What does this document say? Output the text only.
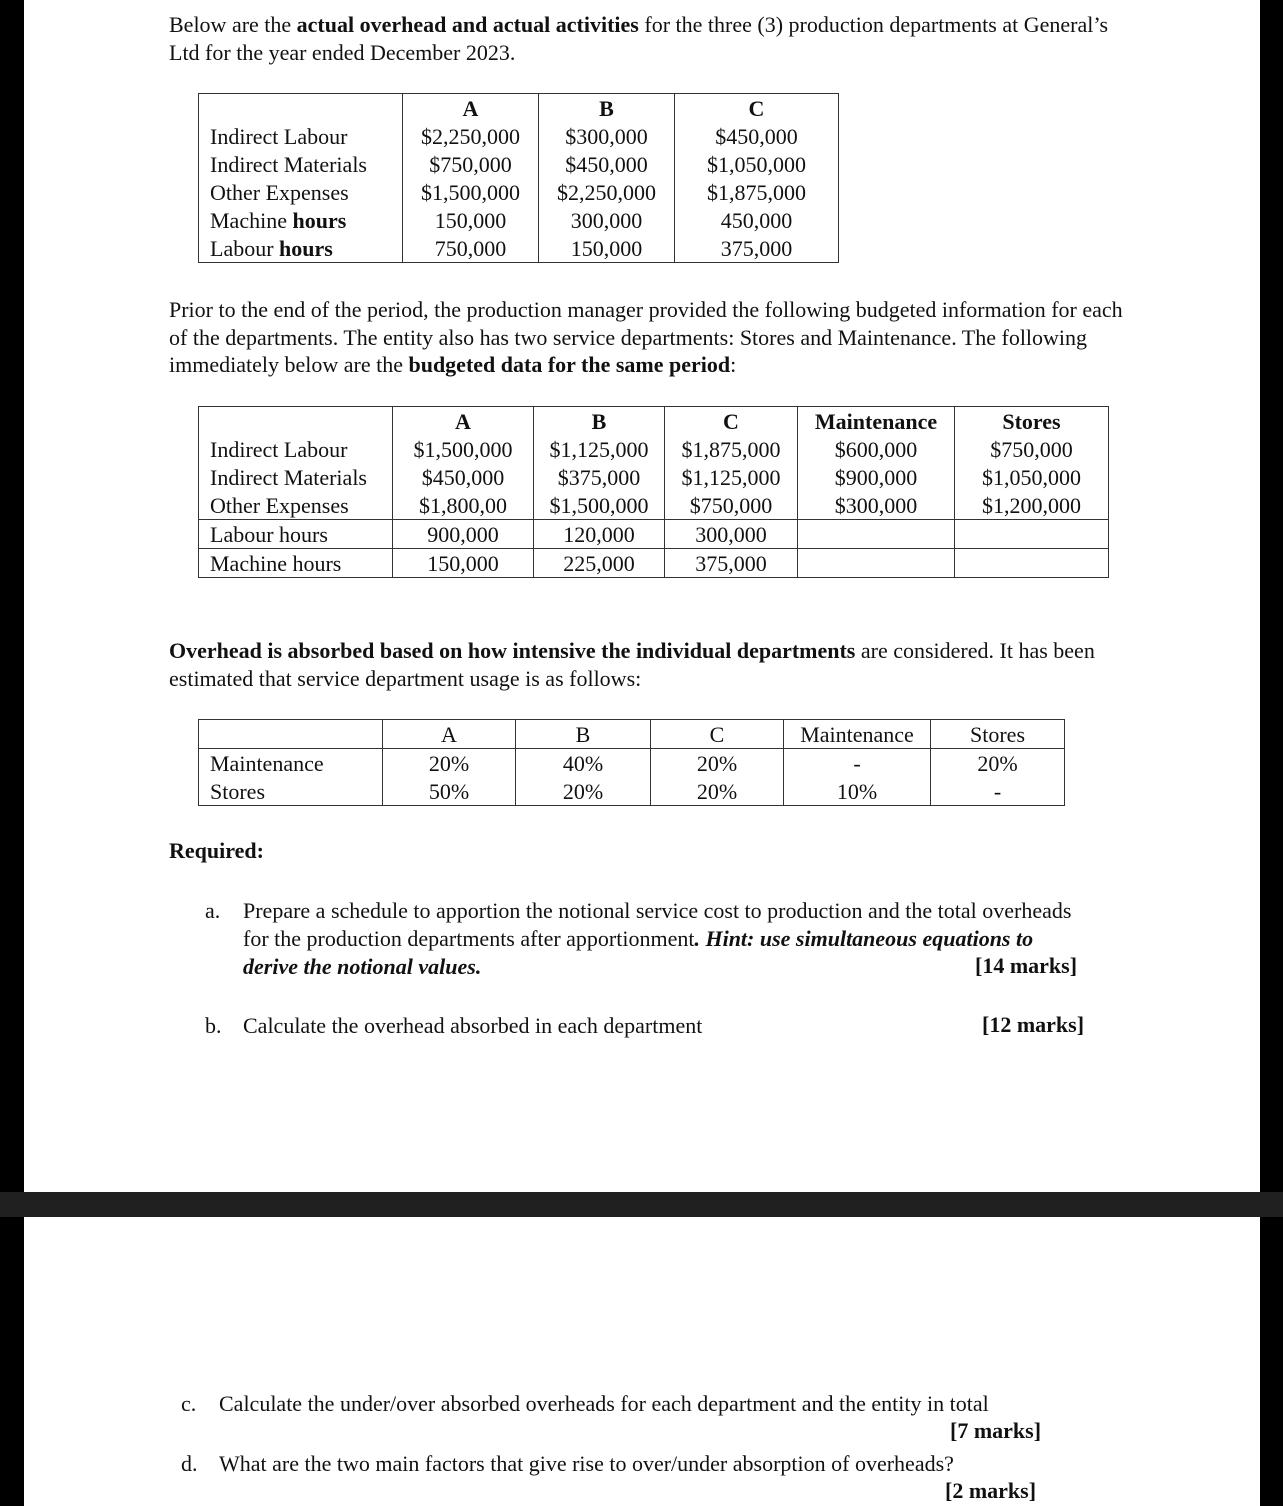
Below are the actual overhead and actual activities for the three (3) production departments at General’s Ltd for the year ended December 2023.

	A	B	C
Indirect Labour	$2,250,000	$300,000	$450,000
Indirect Materials	$750,000	$450,000	$1,050,000
Other Expenses	$1,500,000	$2,250,000	$1,875,000
Machine hours	150,000	300,000	450,000
Labour hours	750,000	150,000	375,000

Prior to the end of the period, the production manager provided the following budgeted information for each of the departments. The entity also has two service departments: Stores and Maintenance. The following immediately below are the budgeted data for the same period:

	A	B	C	Maintenance	Stores
Indirect Labour	$1,500,000	$1,125,000	$1,875,000	$600,000	$750,000
Indirect Materials	$450,000	$375,000	$1,125,000	$900,000	$1,050,000
Other Expenses	$1,800,00	$1,500,000	$750,000	$300,000	$1,200,000
Labour hours	900,000	120,000	300,000		
Machine hours	150,000	225,000	375,000		

Overhead is absorbed based on how intensive the individual departments are considered. It has been estimated that service department usage is as follows:

	A	B	C	Maintenance	Stores
Maintenance	20%	40%	20%	-	20%
Stores	50%	20%	20%	10%	-

Required:

a. Prepare a schedule to apportion the notional service cost to production and the total overheads for the production departments after apportionment. Hint: use simultaneous equations to derive the notional values.	[14 marks]
b. Calculate the overhead absorbed in each department	[12 marks]
c. Calculate the under/over absorbed overheads for each department and the entity in total
[7 marks]
d. What are the two main factors that give rise to over/under absorption of overheads?
[2 marks]
